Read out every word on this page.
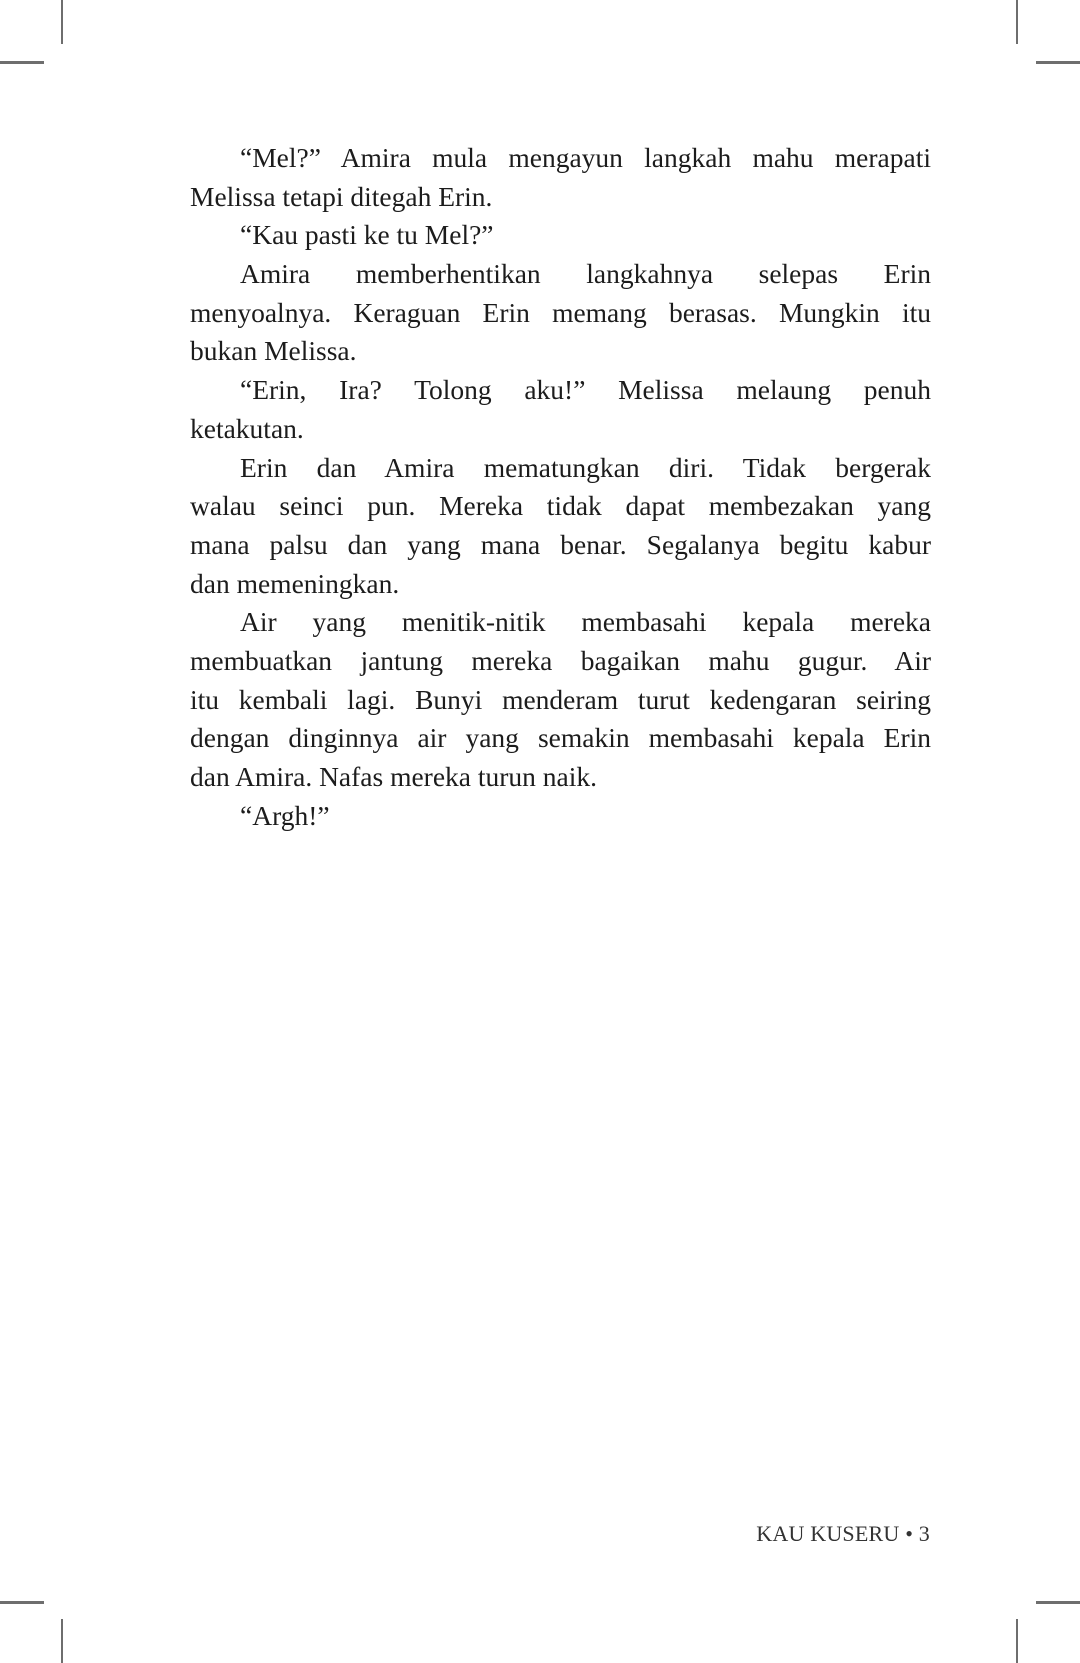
“Mel?” Amira mula mengayun langkah mahu merapati
Melissa tetapi ditegah Erin.
“Kau pasti ke tu Mel?”
Amira memberhentikan langkahnya selepas Erin
menyoalnya. Keraguan Erin memang berasas. Mungkin itu
bukan Melissa.
“Erin, Ira? Tolong aku!” Melissa melaung penuh
ketakutan.
Erin dan Amira mematungkan diri. Tidak bergerak
walau seinci pun. Mereka tidak dapat membezakan yang
mana palsu dan yang mana benar. Segalanya begitu kabur
dan memeningkan.
Air yang menitik-nitik membasahi kepala mereka
membuatkan jantung mereka bagaikan mahu gugur. Air
itu kembali lagi. Bunyi menderam turut kedengaran seiring
dengan dinginnya air yang semakin membasahi kepala Erin
dan Amira. Nafas mereka turun naik.
“Argh!”
KAU KUSERU • 3
